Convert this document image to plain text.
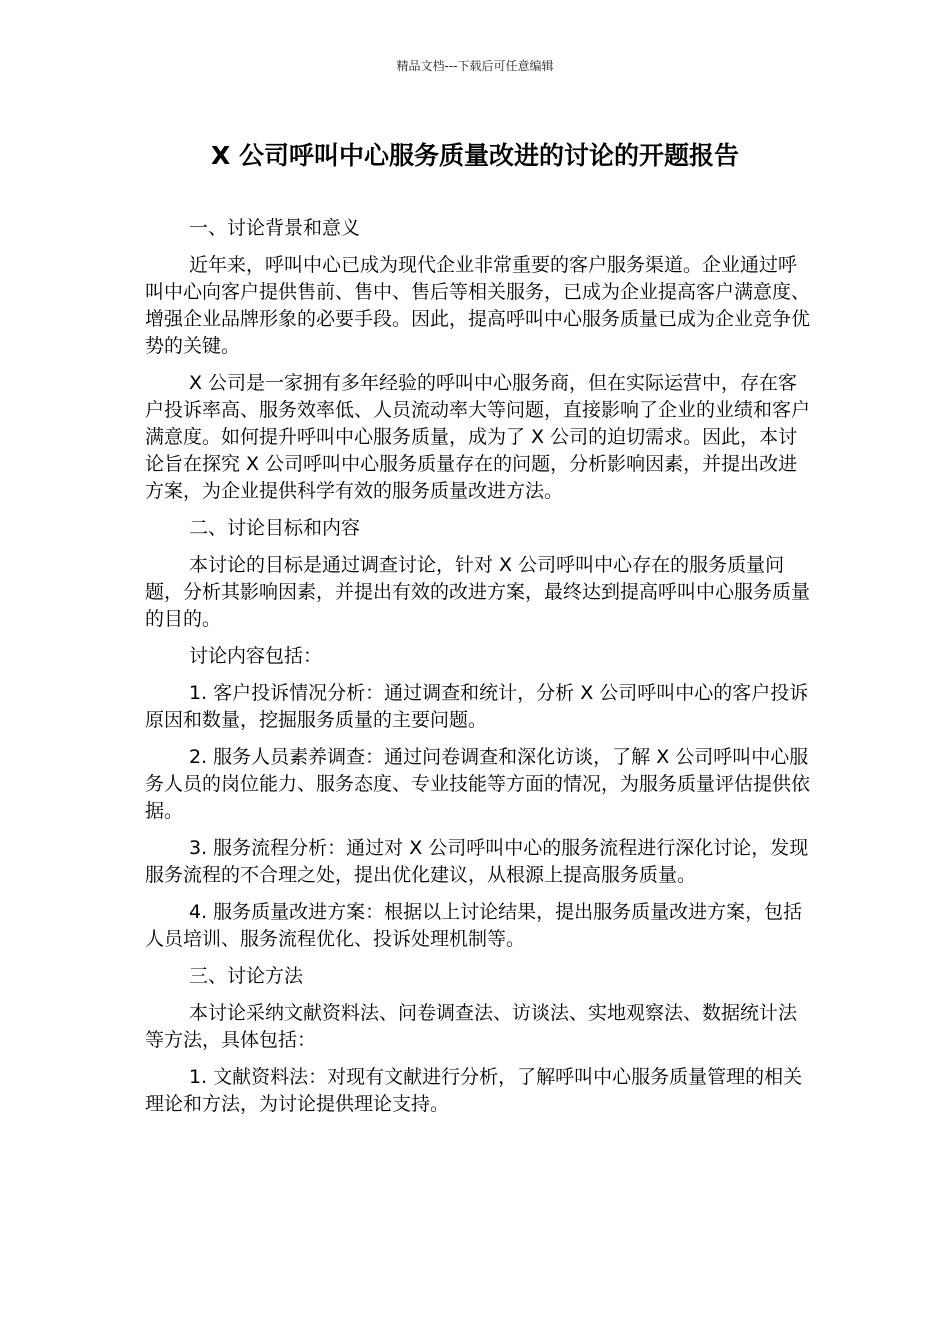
精品文档---下载后可任意编辑
X 公司呼叫中心服务质量改进的讨论的开题报告

一、讨论背景和意义

近年来，呼叫中心已成为现代企业非常重要的客户服务渠道。企业通过呼叫中心向客户提供售前、售中、售后等相关服务，已成为企业提高客户满意度、增强企业品牌形象的必要手段。因此，提高呼叫中心服务质量已成为企业竞争优势的关键。

X 公司是一家拥有多年经验的呼叫中心服务商，但在实际运营中，存在客户投诉率高、服务效率低、人员流动率大等问题，直接影响了企业的业绩和客户满意度。如何提升呼叫中心服务质量，成为了 X 公司的迫切需求。因此，本讨论旨在探究 X 公司呼叫中心服务质量存在的问题，分析影响因素，并提出改进方案，为企业提供科学有效的服务质量改进方法。

二、讨论目标和内容

本讨论的目标是通过调查讨论，针对 X 公司呼叫中心存在的服务质量问题，分析其影响因素，并提出有效的改进方案，最终达到提高呼叫中心服务质量的目的。

讨论内容包括：

1. 客户投诉情况分析：通过调查和统计，分析 X 公司呼叫中心的客户投诉原因和数量，挖掘服务质量的主要问题。

2. 服务人员素养调查：通过问卷调查和深化访谈，了解 X 公司呼叫中心服务人员的岗位能力、服务态度、专业技能等方面的情况，为服务质量评估提供依据。

3. 服务流程分析：通过对 X 公司呼叫中心的服务流程进行深化讨论，发现服务流程的不合理之处，提出优化建议，从根源上提高服务质量。

4. 服务质量改进方案：根据以上讨论结果，提出服务质量改进方案，包括人员培训、服务流程优化、投诉处理机制等。

三、讨论方法

本讨论采纳文献资料法、问卷调查法、访谈法、实地观察法、数据统计法等方法，具体包括：

1. 文献资料法：对现有文献进行分析，了解呼叫中心服务质量管理的相关理论和方法，为讨论提供理论支持。
